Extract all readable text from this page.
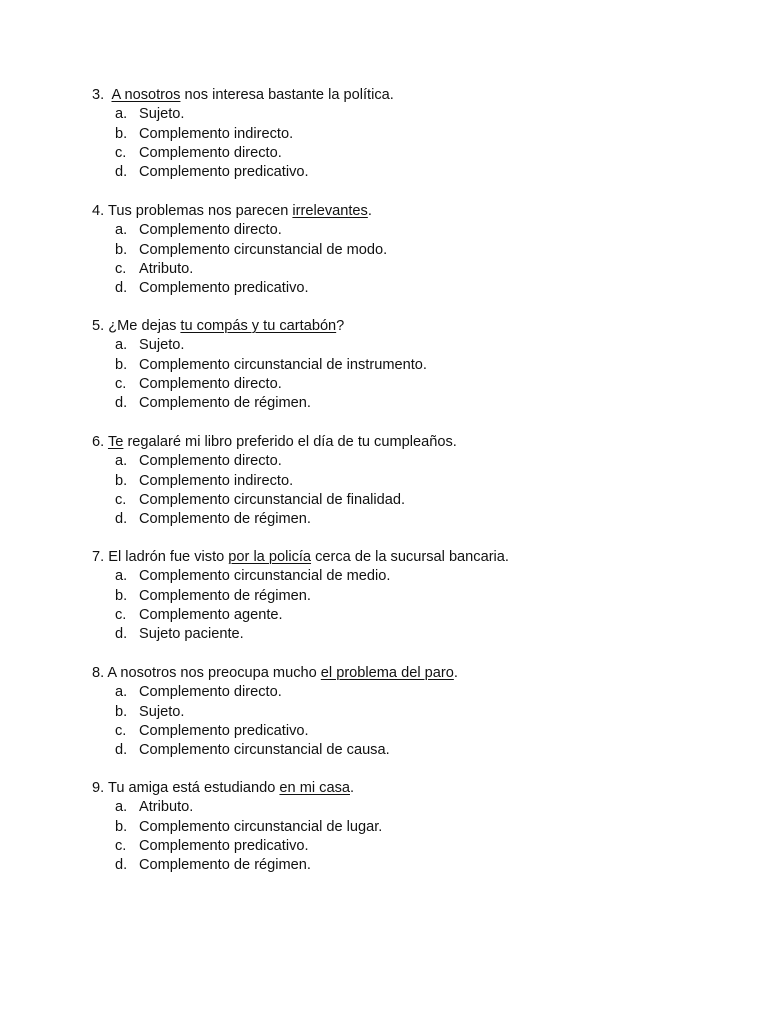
3. A nosotros nos interesa bastante la política.
a. Sujeto.
b. Complemento indirecto.
c. Complemento directo.
d. Complemento predicativo.
4. Tus problemas nos parecen irrelevantes.
a. Complemento directo.
b. Complemento circunstancial de modo.
c. Atributo.
d. Complemento predicativo.
5. ¿Me dejas tu compás y tu cartabón?
a. Sujeto.
b. Complemento circunstancial de instrumento.
c. Complemento directo.
d. Complemento de régimen.
6. Te regalaré mi libro preferido el día de tu cumpleaños.
a. Complemento directo.
b. Complemento indirecto.
c. Complemento circunstancial de finalidad.
d. Complemento de régimen.
7. El ladrón fue visto por la policía cerca de la sucursal bancaria.
a. Complemento circunstancial de medio.
b. Complemento de régimen.
c. Complemento agente.
d. Sujeto paciente.
8. A nosotros nos preocupa mucho el problema del paro.
a. Complemento directo.
b. Sujeto.
c. Complemento predicativo.
d. Complemento circunstancial de causa.
9. Tu amiga está estudiando en mi casa.
a. Atributo.
b. Complemento circunstancial de lugar.
c. Complemento predicativo.
d. Complemento de régimen.
